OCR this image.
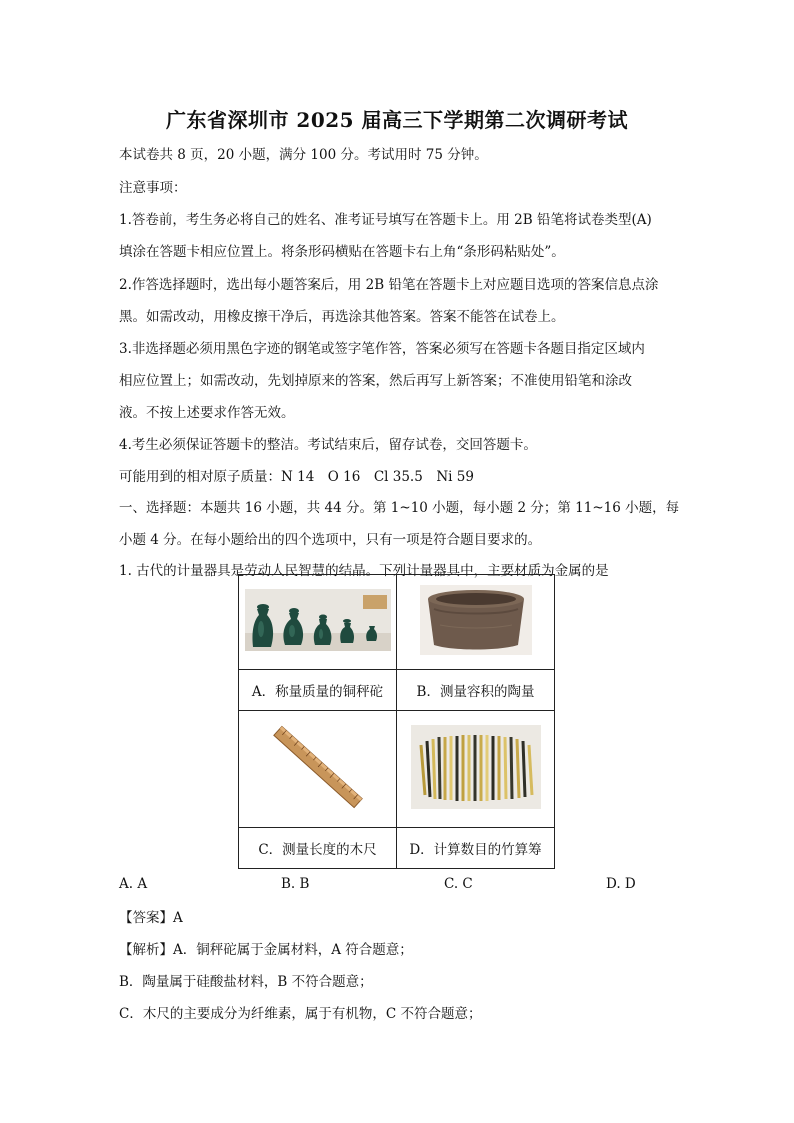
广东省深圳市 2025 届高三下学期第二次调研考试
本试卷共 8 页，20 小题，满分 100 分。考试用时 75 分钟。
注意事项：
1.答卷前，考生务必将自己的姓名、准考证号填写在答题卡上。用 2B 铅笔将试卷类型(A)
填涂在答题卡相应位置上。将条形码横贴在答题卡右上角“条形码粘贴处”。
2.作答选择题时，选出每小题答案后，用 2B 铅笔在答题卡上对应题目选项的答案信息点涂
黑。如需改动，用橡皮擦干净后，再选涂其他答案。答案不能答在试卷上。
3.非选择题必须用黑色字迹的钢笔或签字笔作答，答案必须写在答题卡各题目指定区域内
相应位置上；如需改动，先划掉原来的答案，然后再写上新答案；不准使用铅笔和涂改
液。不按上述要求作答无效。
4.考生必须保证答题卡的整洁。考试结束后，留存试卷，交回答题卡。
可能用到的相对原子质量：N 14　O 16　Cl 35.5　Ni 59
一、选择题：本题共 16 小题，共 44 分。第 1~10 小题，每小题 2 分；第 11~16 小题，每
小题 4 分。在每小题给出的四个选项中，只有一项是符合题目要求的。
1. 古代的计量器具是劳动人民智慧的结晶。下列计量器具中，主要材质为金属的是

A．称量质量的铜秤砣	B．测量容积的陶量

C．测量长度的木尺	D．计算数目的竹算筹
A. A	B. B	C. C	D. D
【答案】A
【解析】A．铜秤砣属于金属材料，A 符合题意；
B．陶量属于硅酸盐材料，B 不符合题意；
C．木尺的主要成分为纤维素，属于有机物，C 不符合题意；
